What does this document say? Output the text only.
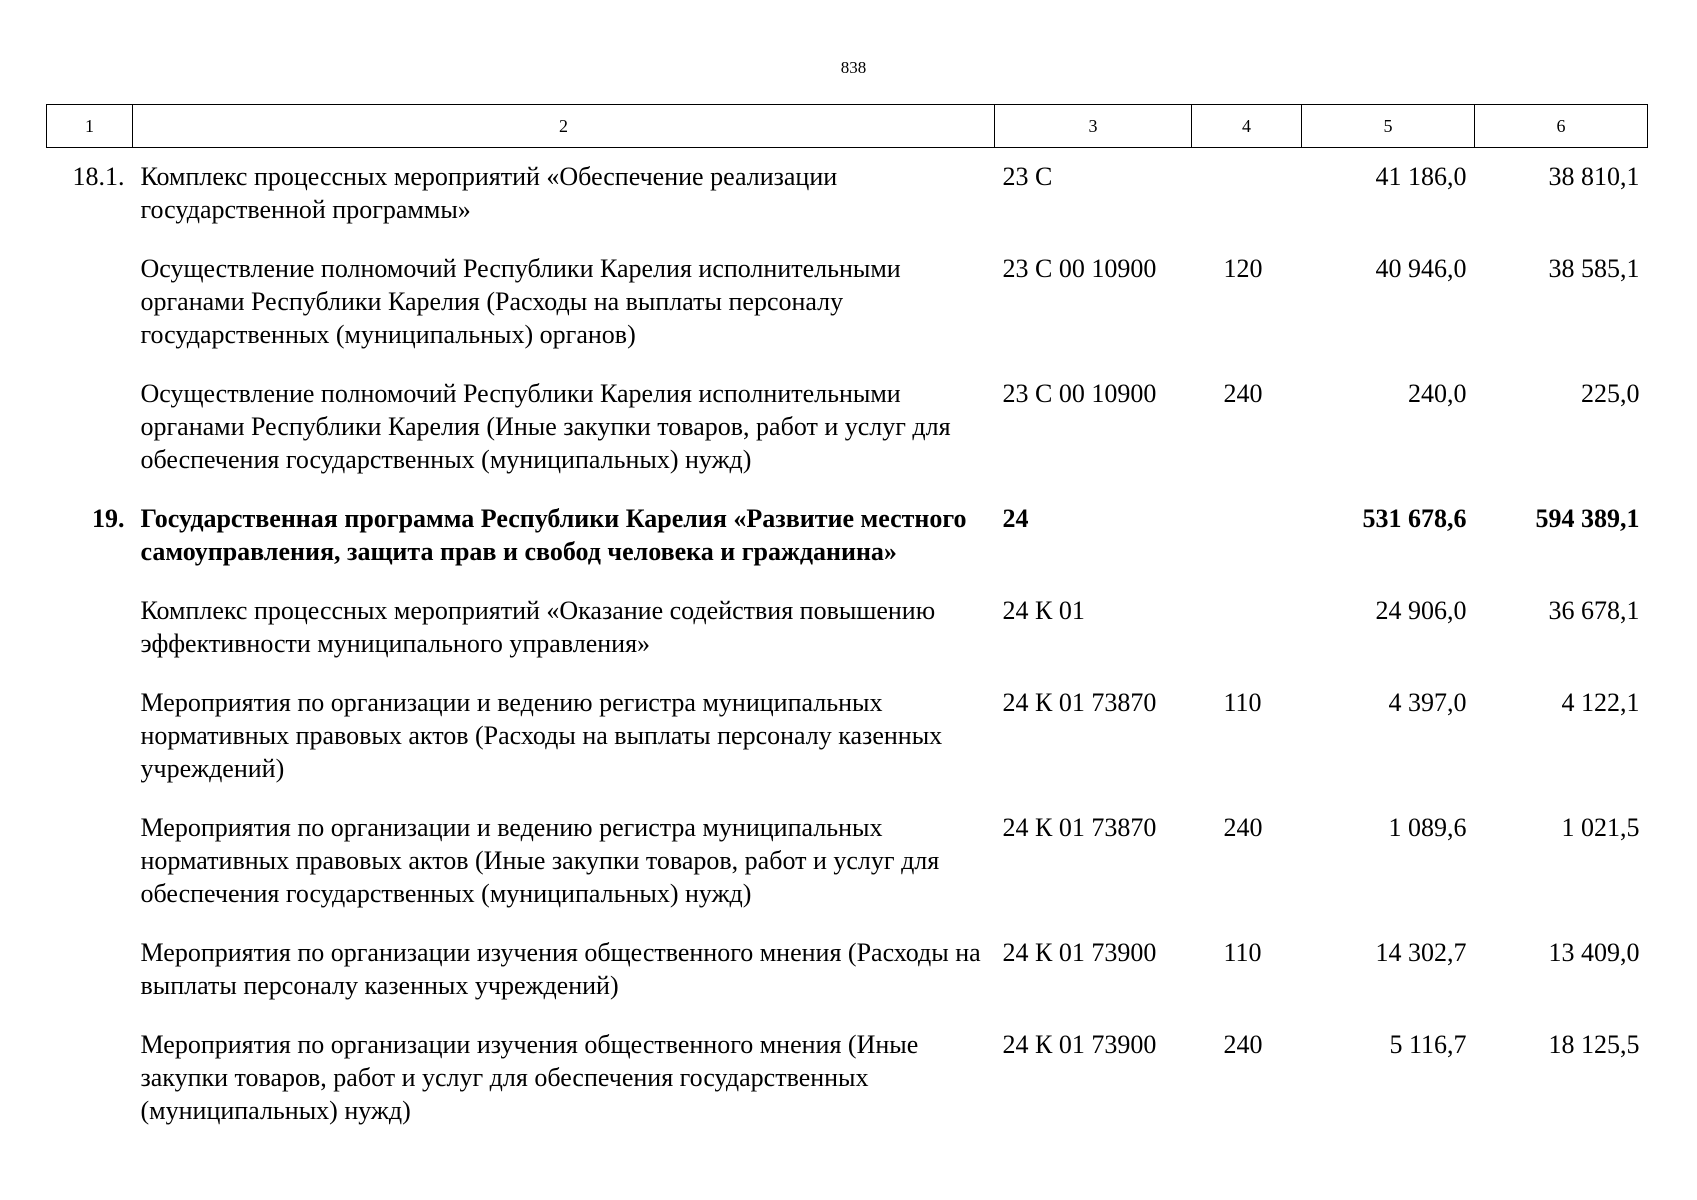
838
1	2	3	4	5	6
18.1.	Комплекс процессных мероприятий «Обеспечение реализации государственной программы»	23 С		41 186,0	38 810,1
	Осуществление полномочий Республики Карелия исполнительными органами Республики Карелия (Расходы на выплаты персоналу государственных (муниципальных) органов)	23 С 00 10900	120	40 946,0	38 585,1
	Осуществление полномочий Республики Карелия исполнительными органами Республики Карелия (Иные закупки товаров, работ и услуг для обеспечения государственных (муниципальных) нужд)	23 С 00 10900	240	240,0	225,0
19.	Государственная программа Республики Карелия «Развитие местного самоуправления, защита прав и свобод человека и гражданина»	24		531 678,6	594 389,1
	Комплекс процессных мероприятий «Оказание содействия повышению эффективности муниципального управления»	24 К 01		24 906,0	36 678,1
	Мероприятия по организации и ведению регистра муниципальных нормативных правовых актов (Расходы на выплаты персоналу казенных учреждений)	24 К 01 73870	110	4 397,0	4 122,1
	Мероприятия по организации и ведению регистра муниципальных нормативных правовых актов (Иные закупки товаров, работ и услуг для обеспечения государственных (муниципальных) нужд)	24 К 01 73870	240	1 089,6	1 021,5
	Мероприятия по организации изучения общественного мнения (Расходы на выплаты персоналу казенных учреждений)	24 К 01 73900	110	14 302,7	13 409,0
	Мероприятия по организации изучения общественного мнения (Иные закупки товаров, работ и услуг для обеспечения государственных (муниципальных) нужд)	24 К 01 73900	240	5 116,7	18 125,5
